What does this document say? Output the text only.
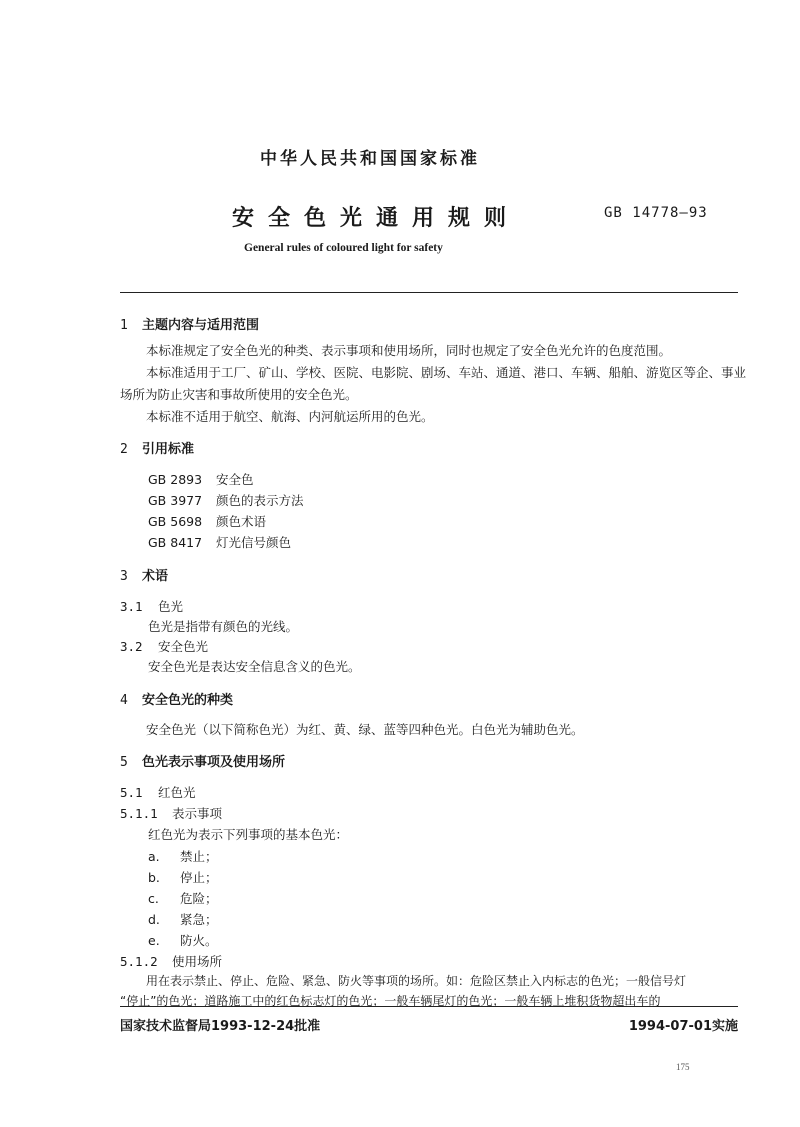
中华人民共和国国家标准
安全色光通用规则	GB 14778—93
General rules of coloured light for safety
1 主题内容与适用范围
本标准规定了安全色光的种类、表示事项和使用场所，同时也规定了安全色光允许的色度范围。
本标准适用于工厂、矿山、学校、医院、电影院、剧场、车站、通道、港口、车辆、船舶、游览区等企、事业
场所为防止灾害和事故所使用的安全色光。
本标准不适用于航空、航海、内河航运所用的色光。
2 引用标准
GB 2893 安全色
GB 3977 颜色的表示方法
GB 5698 颜色术语
GB 8417 灯光信号颜色
3 术语
3.1 色光
色光是指带有颜色的光线。
3.2 安全色光
安全色光是表达安全信息含义的色光。
4 安全色光的种类
安全色光（以下简称色光）为红、黄、绿、蓝等四种色光。白色光为辅助色光。
5 色光表示事项及使用场所
5.1 红色光
5.1.1 表示事项
红色光为表示下列事项的基本色光：
a. 禁止；
b. 停止；
c. 危险；
d. 紧急；
e. 防火。
5.1.2 使用场所
用在表示禁止、停止、危险、紧急、防火等事项的场所。如：危险区禁止入内标志的色光；一般信号灯
“停止”的色光；道路施工中的红色标志灯的色光；一般车辆尾灯的色光；一般车辆上堆积货物超出车的
国家技术监督局1993-12-24批准	1994-07-01实施
175
